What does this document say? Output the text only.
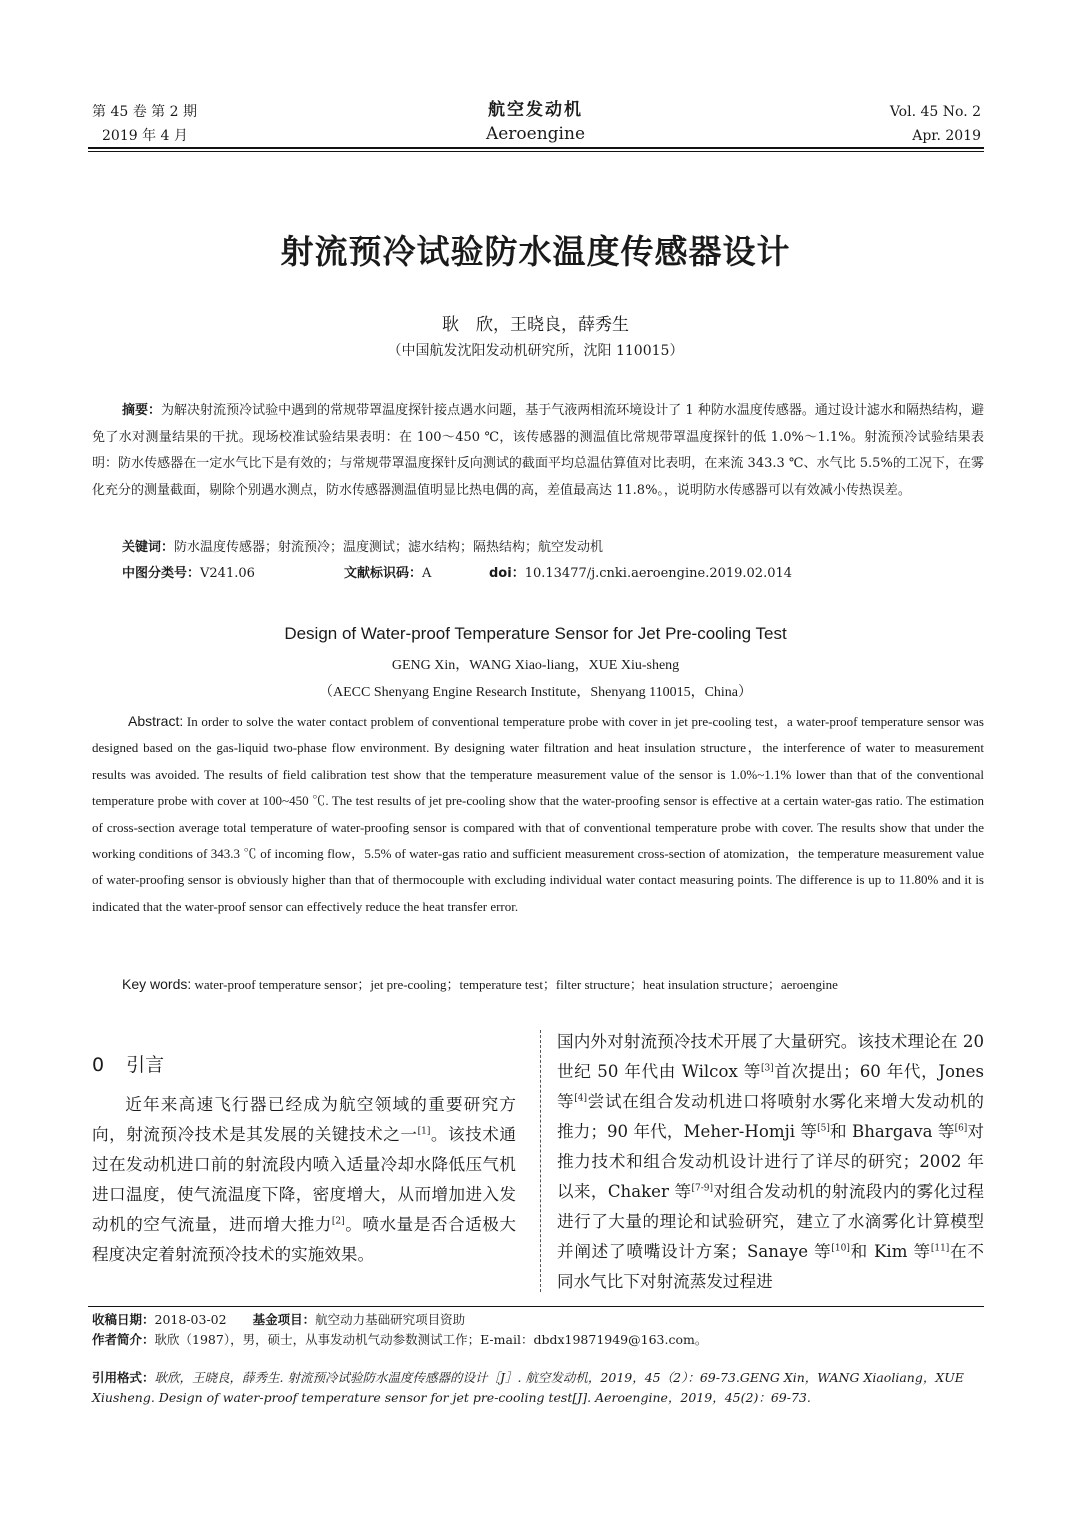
第 45 卷 第 2 期
2019 年 4 月
航空发动机
Aeroengine
Vol. 45 No. 2
Apr. 2019
射流预冷试验防水温度传感器设计
耿　欣，王晓良，薛秀生
（中国航发沈阳发动机研究所，沈阳 110015）
摘要：为解决射流预冷试验中遇到的常规带罩温度探针接点遇水问题，基于气液两相流环境设计了 1 种防水温度传感器。通过设计滤水和隔热结构，避免了水对测量结果的干扰。现场校准试验结果表明：在 100～450 ℃，该传感器的测温值比常规带罩温度探针的低 1.0%～1.1%。射流预冷试验结果表明：防水传感器在一定水气比下是有效的；与常规带罩温度探针反向测试的截面平均总温估算值对比表明，在来流 343.3 ℃、水气比 5.5%的工况下，在雾化充分的测量截面，剔除个别遇水测点，防水传感器测温值明显比热电偶的高，差值最高达 11.8%。，说明防水传感器可以有效减小传热误差。
关键词：防水温度传感器；射流预冷；温度测试；滤水结构；隔热结构；航空发动机
中图分类号：V241.06	文献标识码：A	doi：10.13477/j.cnki.aeroengine.2019.02.014
Design of Water-proof Temperature Sensor for Jet Pre-cooling Test
GENG Xin，WANG Xiao-liang，XUE Xiu-sheng
（AECC Shenyang Engine Research Institute，Shenyang 110015，China）
Abstract: In order to solve the water contact problem of conventional temperature probe with cover in jet pre-cooling test，a water-proof temperature sensor was designed based on the gas-liquid two-phase flow environment. By designing water filtration and heat insulation structure，the interference of water to measurement results was avoided. The results of field calibration test show that the temperature measurement value of the sensor is 1.0%~1.1% lower than that of the conventional temperature probe with cover at 100~450 ℃. The test results of jet pre-cooling show that the water-proofing sensor is effective at a certain water-gas ratio. The estimation of cross-section average total temperature of water-proofing sensor is compared with that of conventional temperature probe with cover. The results show that under the working conditions of 343.3 ℃ of incoming flow，5.5% of water-gas ratio and sufficient measurement cross-section of atomization，the temperature measurement value of water-proofing sensor is obviously higher than that of thermocouple with excluding individual water contact measuring points. The difference is up to 11.80% and it is indicated that the water-proof sensor can effectively reduce the heat transfer error.
Key words: water-proof temperature sensor；jet pre-cooling；temperature test；filter structure；heat insulation structure；aeroengine
0 引言
近年来高速飞行器已经成为航空领域的重要研究方向，射流预冷技术是其发展的关键技术之一[1]。该技术通过在发动机进口前的射流段内喷入适量冷却水降低压气机进口温度，使气流温度下降，密度增大，从而增加进入发动机的空气流量，进而增大推力[2]。喷水量是否合适极大程度决定着射流预冷技术的实施效果。
国内外对射流预冷技术开展了大量研究。该技术理论在 20 世纪 50 年代由 Wilcox 等[3]首次提出；60 年代，Jones 等[4]尝试在组合发动机进口将喷射水雾化来增大发动机的推力；90 年代，Meher-Homji 等[5]和 Bhargava 等[6]对推力技术和组合发动机设计进行了详尽的研究；2002 年以来，Chaker 等[7-9]对组合发动机的射流段内的雾化过程进行了大量的理论和试验研究，建立了水滴雾化计算模型并阐述了喷嘴设计方案；Sanaye 等[10]和 Kim 等[11]在不同水气比下对射流蒸发过程进
收稿日期：2018-03-02 基金项目：航空动力基础研究项目资助
作者简介：耿欣（1987），男，硕士，从事发动机气动参数测试工作；E-mail：dbdx19871949@163.com。
引用格式：耿欣，王晓良，薛秀生. 射流预冷试验防水温度传感器的设计［J］. 航空发动机，2019，45（2）：69-73.GENG Xin，WANG Xiaoliang，XUE Xiusheng. Design of water-proof temperature sensor for jet pre-cooling test[J]. Aeroengine，2019，45(2)：69-73.
